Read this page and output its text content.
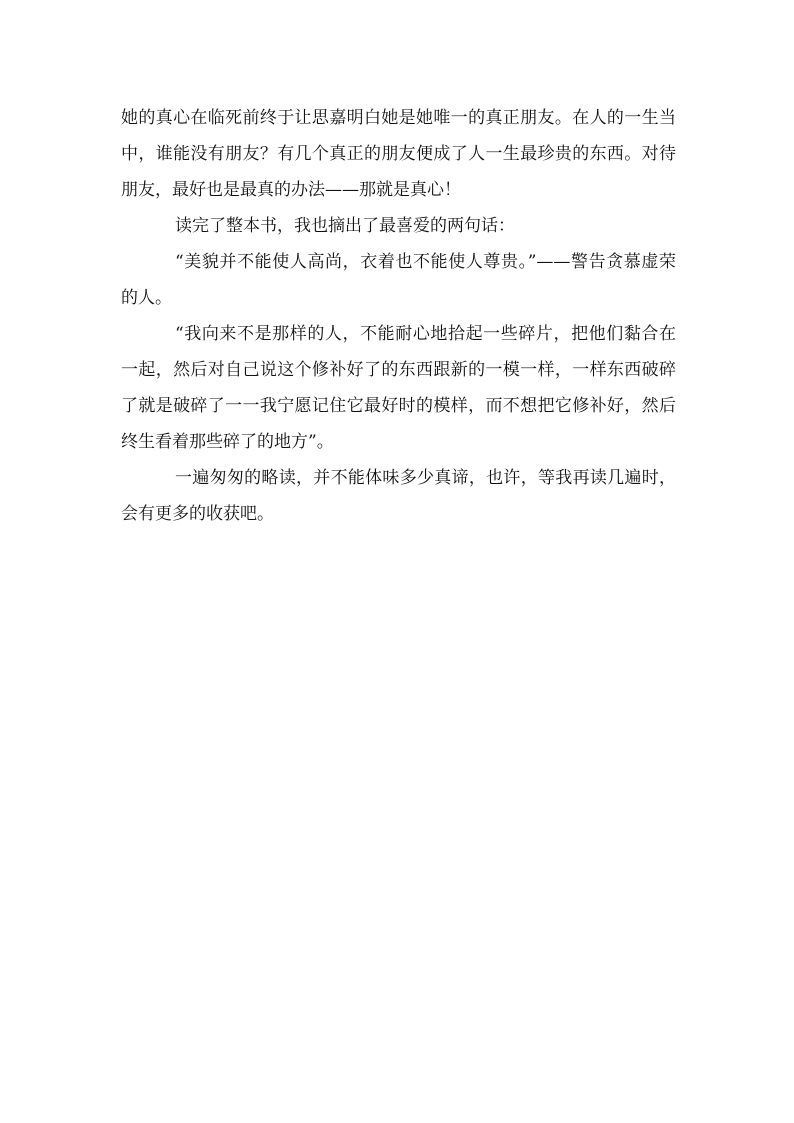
她的真心在临死前终于让思嘉明白她是她唯一的真正朋友。在人的一生当中，谁能没有朋友？有几个真正的朋友便成了人一生最珍贵的东西。对待朋友，最好也是最真的办法——那就是真心！

读完了整本书，我也摘出了最喜爱的两句话：

“美貌并不能使人高尚，衣着也不能使人尊贵。”——警告贪慕虚荣的人。

“我向来不是那样的人，不能耐心地拾起一些碎片，把他们黏合在一起，然后对自己说这个修补好了的东西跟新的一模一样，一样东西破碎了就是破碎了一一我宁愿记住它最好时的模样，而不想把它修补好，然后终生看着那些碎了的地方”。

一遍匆匆的略读，并不能体味多少真谛，也许，等我再读几遍时，会有更多的收获吧。
